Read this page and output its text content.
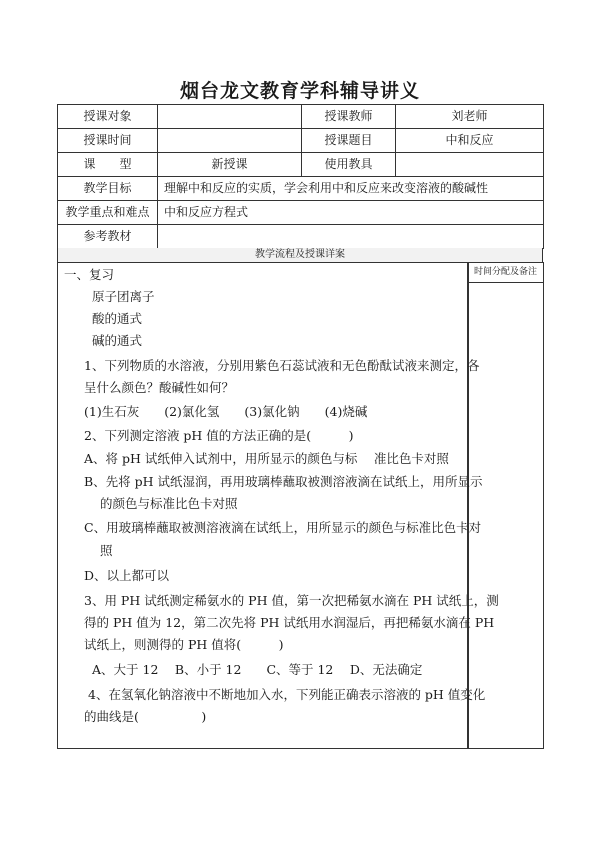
烟台龙文教育学科辅导讲义
授课对象		授课教师	刘老师
授课时间		授课题目	中和反应
课　　型	新授课	使用教具	
教学目标	理解中和反应的实质，学会利用中和反应来改变溶液的酸碱性		
教学重点和难点	中和反应方程式		
参考教材			
教学流程及授课详案
一、复习
原子团离子
酸的通式
碱的通式
1、下列物质的水溶液，分别用紫色石蕊试液和无色酚酞试液来测定，各
呈什么颜色？酸碱性如何？
(1)生石灰　　(2)氯化氢　　(3)氯化钠　　(4)烧碱
2、下列测定溶液 pH 值的方法正确的是(　　　)
A、将 pH 试纸伸入试剂中，用所显示的颜色与标　 准比色卡对照
B、先将 pH 试纸湿润，再用玻璃棒蘸取被测溶液滴在试纸上，用所显示
的颜色与标准比色卡对照
C、用玻璃棒蘸取被测溶液滴在试纸上，用所显示的颜色与标准比色卡对
照
D、以上都可以
3、用 PH 试纸测定稀氨水的 PH 值，第一次把稀氨水滴在 PH 试纸上，测
得的 PH 值为 12，第二次先将 PH 试纸用水润湿后，再把稀氨水滴在 PH
试纸上，则测得的 PH 值将(　　　)
A、大于 12　 B、小于 12　　C、等于 12　 D、无法确定
4、在氢氧化钠溶液中不断地加入水，下列能正确表示溶液的 pH 值变化
的曲线是(　　　　　)
时间分配及备注
